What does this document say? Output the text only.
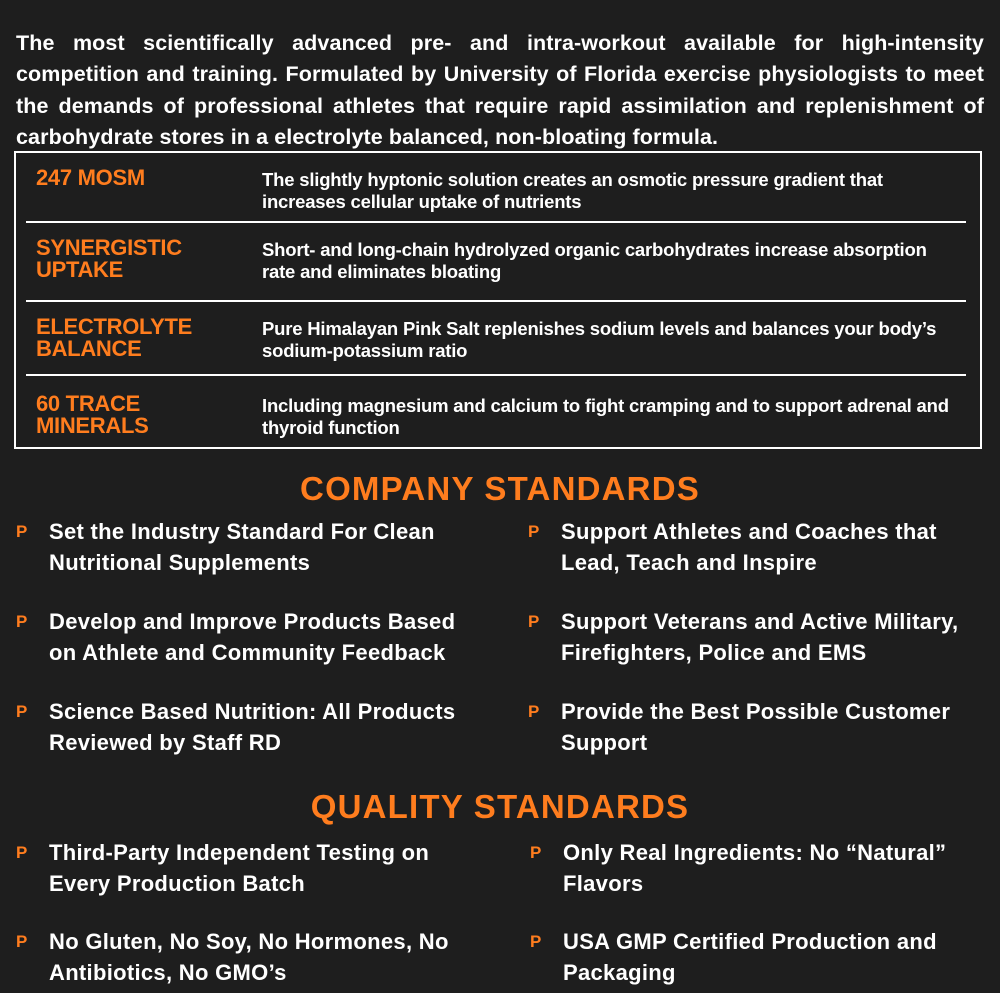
The most scientifically advanced pre- and intra-workout available for high-intensity competition and training. Formulated by University of Florida exercise physiologists to meet the demands of professional athletes that require rapid assimilation and replenishment of carbohydrate stores in a electrolyte balanced, non-bloating formula.

247 MOSM	The slightly hyptonic solution creates an osmotic pressure gradient that increases cellular uptake of nutrients
SYNERGISTIC UPTAKE
Short- and long-chain hydrolyzed organic carbohydrates increase absorption rate and eliminates bloating
ELECTROLYTE BALANCE
Pure Himalayan Pink Salt replenishes sodium levels and balances your body’s sodium-potassium ratio
60 TRACE MINERALS
Including magnesium and calcium to fight cramping and to support adrenal and thyroid function
COMPANY STANDARDS
P Set the Industry Standard For Clean Nutritional Supplements
P Support Athletes and Coaches that Lead, Teach and Inspire
P Develop and Improve Products Based on Athlete and Community Feedback
P Support Veterans and Active Military, Firefighters, Police and EMS
P Science Based Nutrition: All Products Reviewed by Staff RD
P Provide the Best Possible Customer Support
QUALITY STANDARDS
P Third-Party Independent Testing on Every Production Batch
P Only Real Ingredients: No “Natural” Flavors
P No Gluten, No Soy, No Hormones, No Antibiotics, No GMO’s
P USA GMP Certified Production and Packaging
